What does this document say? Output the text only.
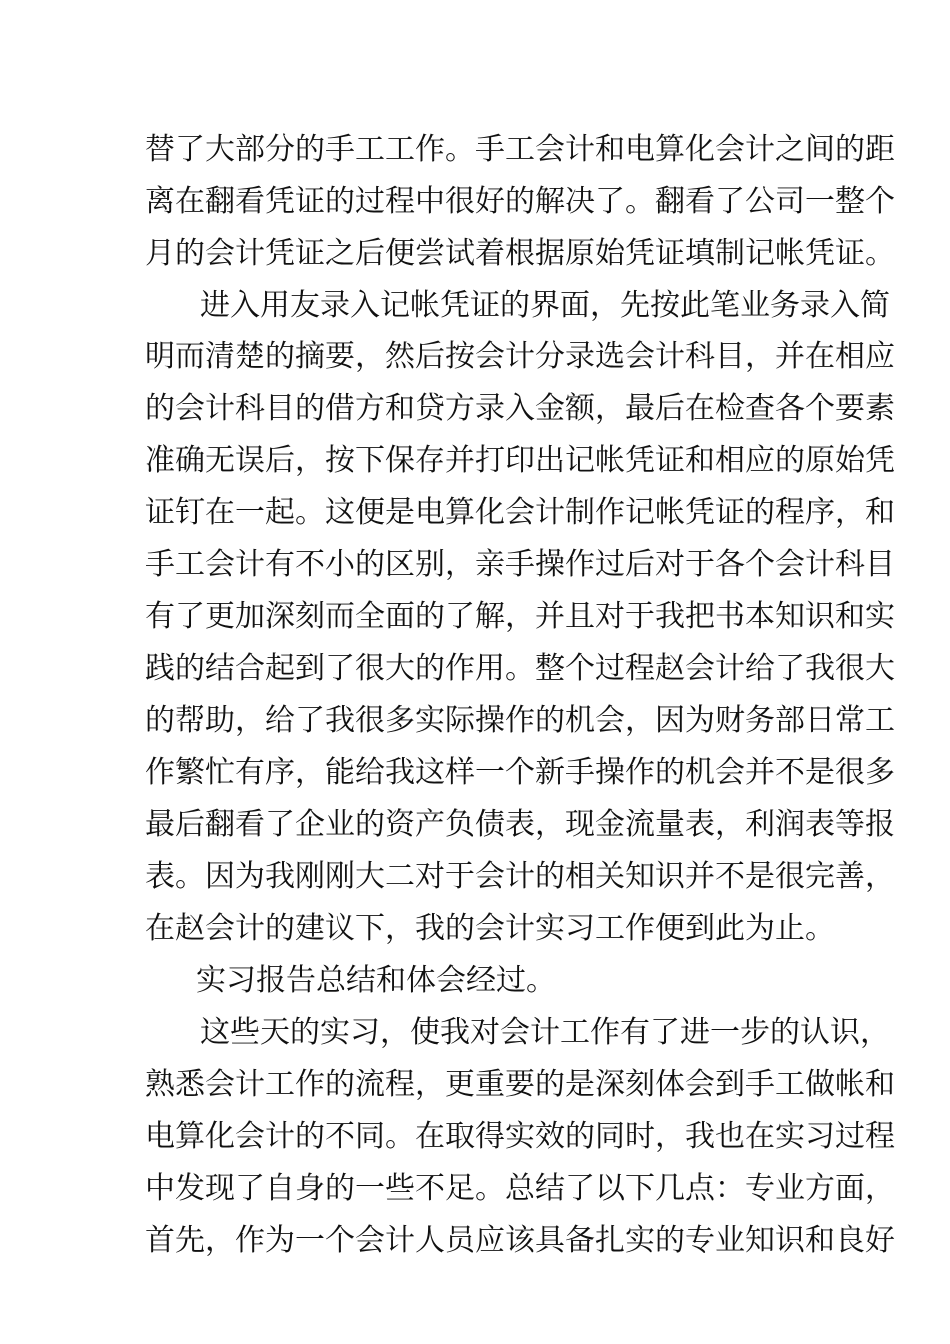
替了大部分的手工工作。手工会计和电算化会计之间的距
离在翻看凭证的过程中很好的解决了。翻看了公司一整个
月的会计凭证之后便尝试着根据原始凭证填制记帐凭证。
进入用友录入记帐凭证的界面，先按此笔业务录入简
明而清楚的摘要，然后按会计分录选会计科目，并在相应
的会计科目的借方和贷方录入金额，最后在检查各个要素
准确无误后，按下保存并打印出记帐凭证和相应的原始凭
证钉在一起。这便是电算化会计制作记帐凭证的程序，和
手工会计有不小的区别，亲手操作过后对于各个会计科目
有了更加深刻而全面的了解，并且对于我把书本知识和实
践的结合起到了很大的作用。整个过程赵会计给了我很大
的帮助，给了我很多实际操作的机会，因为财务部日常工
作繁忙有序，能给我这样一个新手操作的机会并不是很多
最后翻看了企业的资产负债表，现金流量表，利润表等报
表。因为我刚刚大二对于会计的相关知识并不是很完善，
在赵会计的建议下，我的会计实习工作便到此为止。
实习报告总结和体会经过。
这些天的实习，使我对会计工作有了进一步的认识，
熟悉会计工作的流程，更重要的是深刻体会到手工做帐和
电算化会计的不同。在取得实效的同时，我也在实习过程
中发现了自身的一些不足。总结了以下几点：专业方面，
首先，作为一个会计人员应该具备扎实的专业知识和良好
